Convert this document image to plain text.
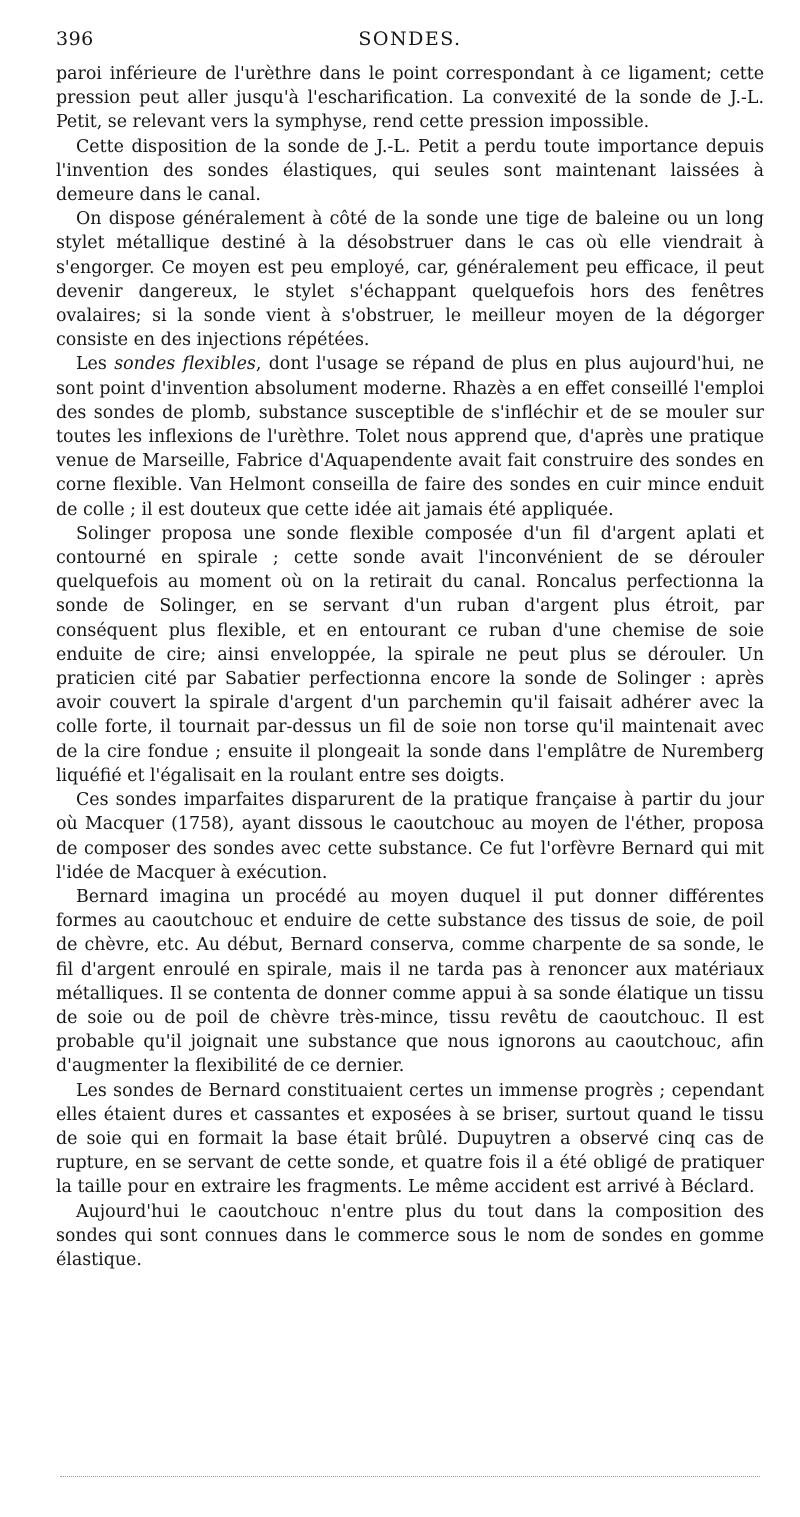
396	SONDES.

paroi inférieure de l'urèthre dans le point correspondant à ce ligament; cette pression peut aller jusqu'à l'escharification. La convexité de la sonde de J.-L. Petit, se relevant vers la symphyse, rend cette pression impossible.

Cette disposition de la sonde de J.-L. Petit a perdu toute importance depuis l'invention des sondes élastiques, qui seules sont maintenant laissées à demeure dans le canal.

On dispose généralement à côté de la sonde une tige de baleine ou un long stylet métallique destiné à la désobstruer dans le cas où elle viendrait à s'engorger. Ce moyen est peu employé, car, généralement peu efficace, il peut devenir dangereux, le stylet s'échappant quelquefois hors des fenêtres ovalaires; si la sonde vient à s'obstruer, le meilleur moyen de la dégorger consiste en des injections répétées.

Les sondes flexibles, dont l'usage se répand de plus en plus aujourd'hui, ne sont point d'invention absolument moderne. Rhazès a en effet conseillé l'emploi des sondes de plomb, substance susceptible de s'infléchir et de se mouler sur toutes les inflexions de l'urèthre. Tolet nous apprend que, d'après une pratique venue de Marseille, Fabrice d'Aquapendente avait fait construire des sondes en corne flexible. Van Helmont conseilla de faire des sondes en cuir mince enduit de colle ; il est douteux que cette idée ait jamais été appliquée.

Solinger proposa une sonde flexible composée d'un fil d'argent aplati et contourné en spirale ; cette sonde avait l'inconvénient de se dérouler quelquefois au moment où on la retirait du canal. Roncalus perfectionna la sonde de Solinger, en se servant d'un ruban d'argent plus étroit, par conséquent plus flexible, et en entourant ce ruban d'une chemise de soie enduite de cire; ainsi enveloppée, la spirale ne peut plus se dérouler. Un praticien cité par Sabatier perfectionna encore la sonde de Solinger : après avoir couvert la spirale d'argent d'un parchemin qu'il faisait adhérer avec la colle forte, il tournait par-dessus un fil de soie non torse qu'il maintenait avec de la cire fondue ; ensuite il plongeait la sonde dans l'emplâtre de Nuremberg liquéfié et l'égalisait en la roulant entre ses doigts.

Ces sondes imparfaites disparurent de la pratique française à partir du jour où Macquer (1758), ayant dissous le caoutchouc au moyen de l'éther, proposa de composer des sondes avec cette substance. Ce fut l'orfèvre Bernard qui mit l'idée de Macquer à exécution.

Bernard imagina un procédé au moyen duquel il put donner différentes formes au caoutchouc et enduire de cette substance des tissus de soie, de poil de chèvre, etc. Au début, Bernard conserva, comme charpente de sa sonde, le fil d'argent enroulé en spirale, mais il ne tarda pas à renoncer aux matériaux métalliques. Il se contenta de donner comme appui à sa sonde élatique un tissu de soie ou de poil de chèvre très-mince, tissu revêtu de caoutchouc. Il est probable qu'il joignait une substance que nous ignorons au caoutchouc, afin d'augmenter la flexibilité de ce dernier.

Les sondes de Bernard constituaient certes un immense progrès ; cependant elles étaient dures et cassantes et exposées à se briser, surtout quand le tissu de soie qui en formait la base était brûlé. Dupuytren a observé cinq cas de rupture, en se servant de cette sonde, et quatre fois il a été obligé de pratiquer la taille pour en extraire les fragments. Le même accident est arrivé à Béclard.

Aujourd'hui le caoutchouc n'entre plus du tout dans la composition des sondes qui sont connues dans le commerce sous le nom de sondes en gomme élastique.
